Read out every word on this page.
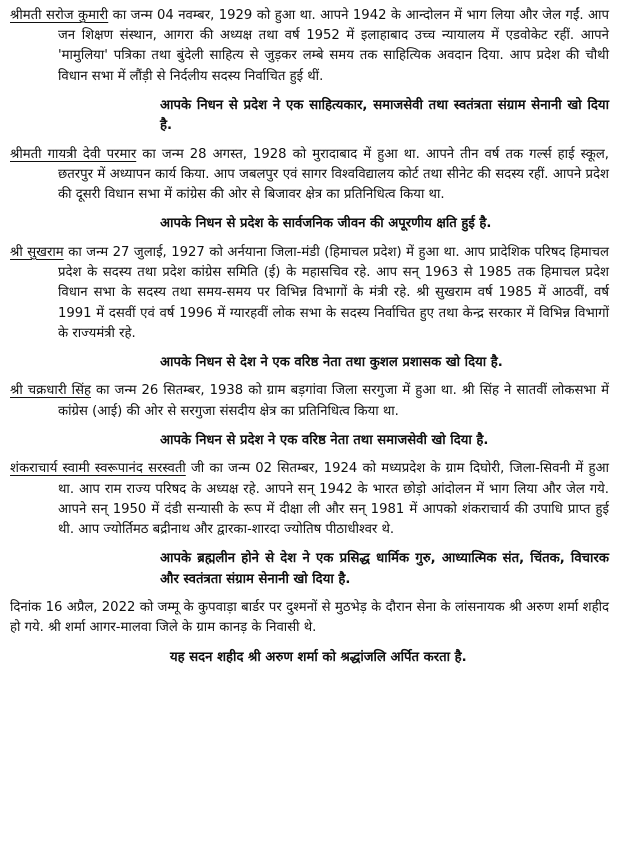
श्रीमती सरोज कुमारी का जन्म 04 नवम्बर, 1929 को हुआ था. आपने 1942 के आन्दोलन में भाग लिया और जेल गईं. आप जन शिक्षण संस्थान, आगरा की अध्यक्ष तथा वर्ष 1952 में इलाहाबाद उच्च न्यायालय में एडवोकेट रहीं. आपने 'मामुलिया' पत्रिका तथा बुंदेली साहित्य से जुड़कर लम्बे समय तक साहित्यिक अवदान दिया. आप प्रदेश की चौथी विधान सभा में लौंड़ी से निर्दलीय सदस्य निर्वाचित हुई थीं.

आपके निधन से प्रदेश ने एक साहित्यकार, समाजसेवी तथा स्वतंत्रता संग्राम सेनानी खो दिया है.

श्रीमती गायत्री देवी परमार का जन्म 28 अगस्त, 1928 को मुरादाबाद में हुआ था. आपने तीन वर्ष तक गर्ल्स हाई स्कूल, छतरपुर में अध्यापन कार्य किया. आप जबलपुर एवं सागर विश्वविद्यालय कोर्ट तथा सीनेट की सदस्य रहीं. आपने प्रदेश की दूसरी विधान सभा में कांग्रेस की ओर से बिजावर क्षेत्र का प्रतिनिधित्व किया था.

आपके निधन से प्रदेश के सार्वजनिक जीवन की अपूरणीय क्षति हुई है.

श्री सुखराम का जन्म 27 जुलाई, 1927 को अर्नयाना जिला-मंडी (हिमाचल प्रदेश) में हुआ था. आप प्रादेशिक परिषद हिमाचल प्रदेश के सदस्य तथा प्रदेश कांग्रेस समिति (ई) के महासचिव रहे. आप सन् 1963 से 1985 तक हिमाचल प्रदेश विधान सभा के सदस्य तथा समय-समय पर विभिन्न विभागों के मंत्री रहे. श्री सुखराम वर्ष 1985 में आठवीं, वर्ष 1991 में दसवीं एवं वर्ष 1996 में ग्यारहवीं लोक सभा के सदस्य निर्वाचित हुए तथा केन्द्र सरकार में विभिन्न विभागों के राज्यमंत्री रहे.

आपके निधन से देश ने एक वरिष्ठ नेता तथा कुशल प्रशासक खो दिया है.

श्री चक्रधारी सिंह का जन्म 26 सितम्बर, 1938 को ग्राम बड़गांवा जिला सरगुजा में हुआ था. श्री सिंह ने सातवीं लोकसभा में कांग्रेस (आई) की ओर से सरगुजा संसदीय क्षेत्र का प्रतिनिधित्व किया था.

आपके निधन से प्रदेश ने एक वरिष्ठ नेता तथा समाजसेवी खो दिया है.

शंकराचार्य स्वामी स्वरूपानंद सरस्वती जी का जन्म 02 सितम्बर, 1924 को मध्यप्रदेश के ग्राम दिघोरी, जिला-सिवनी में हुआ था. आप राम राज्य परिषद के अध्यक्ष रहे. आपने सन् 1942 के भारत छोड़ो आंदोलन में भाग लिया और जेल गये. आपने सन् 1950 में दंडी सन्यासी के रूप में दीक्षा ली और सन् 1981 में आपको शंकराचार्य की उपाधि प्राप्त हुई थी. आप ज्योर्तिमठ बद्रीनाथ और द्वारका-शारदा ज्योतिष पीठाधीश्वर थे.

आपके ब्रह्मलीन होने से देश ने एक प्रसिद्ध धार्मिक गुरु, आध्यात्मिक संत, चिंतक, विचारक और स्वतंत्रता संग्राम सेनानी खो दिया है.

दिनांक 16 अप्रैल, 2022 को जम्मू के कुपवाड़ा बार्डर पर दुश्मनों से मुठभेड़ के दौरान सेना के लांसनायक श्री अरुण शर्मा शहीद हो गये. श्री शर्मा आगर-मालवा जिले के ग्राम कानड़ के निवासी थे.

यह सदन शहीद श्री अरुण शर्मा को श्रद्धांजलि अर्पित करता है.
